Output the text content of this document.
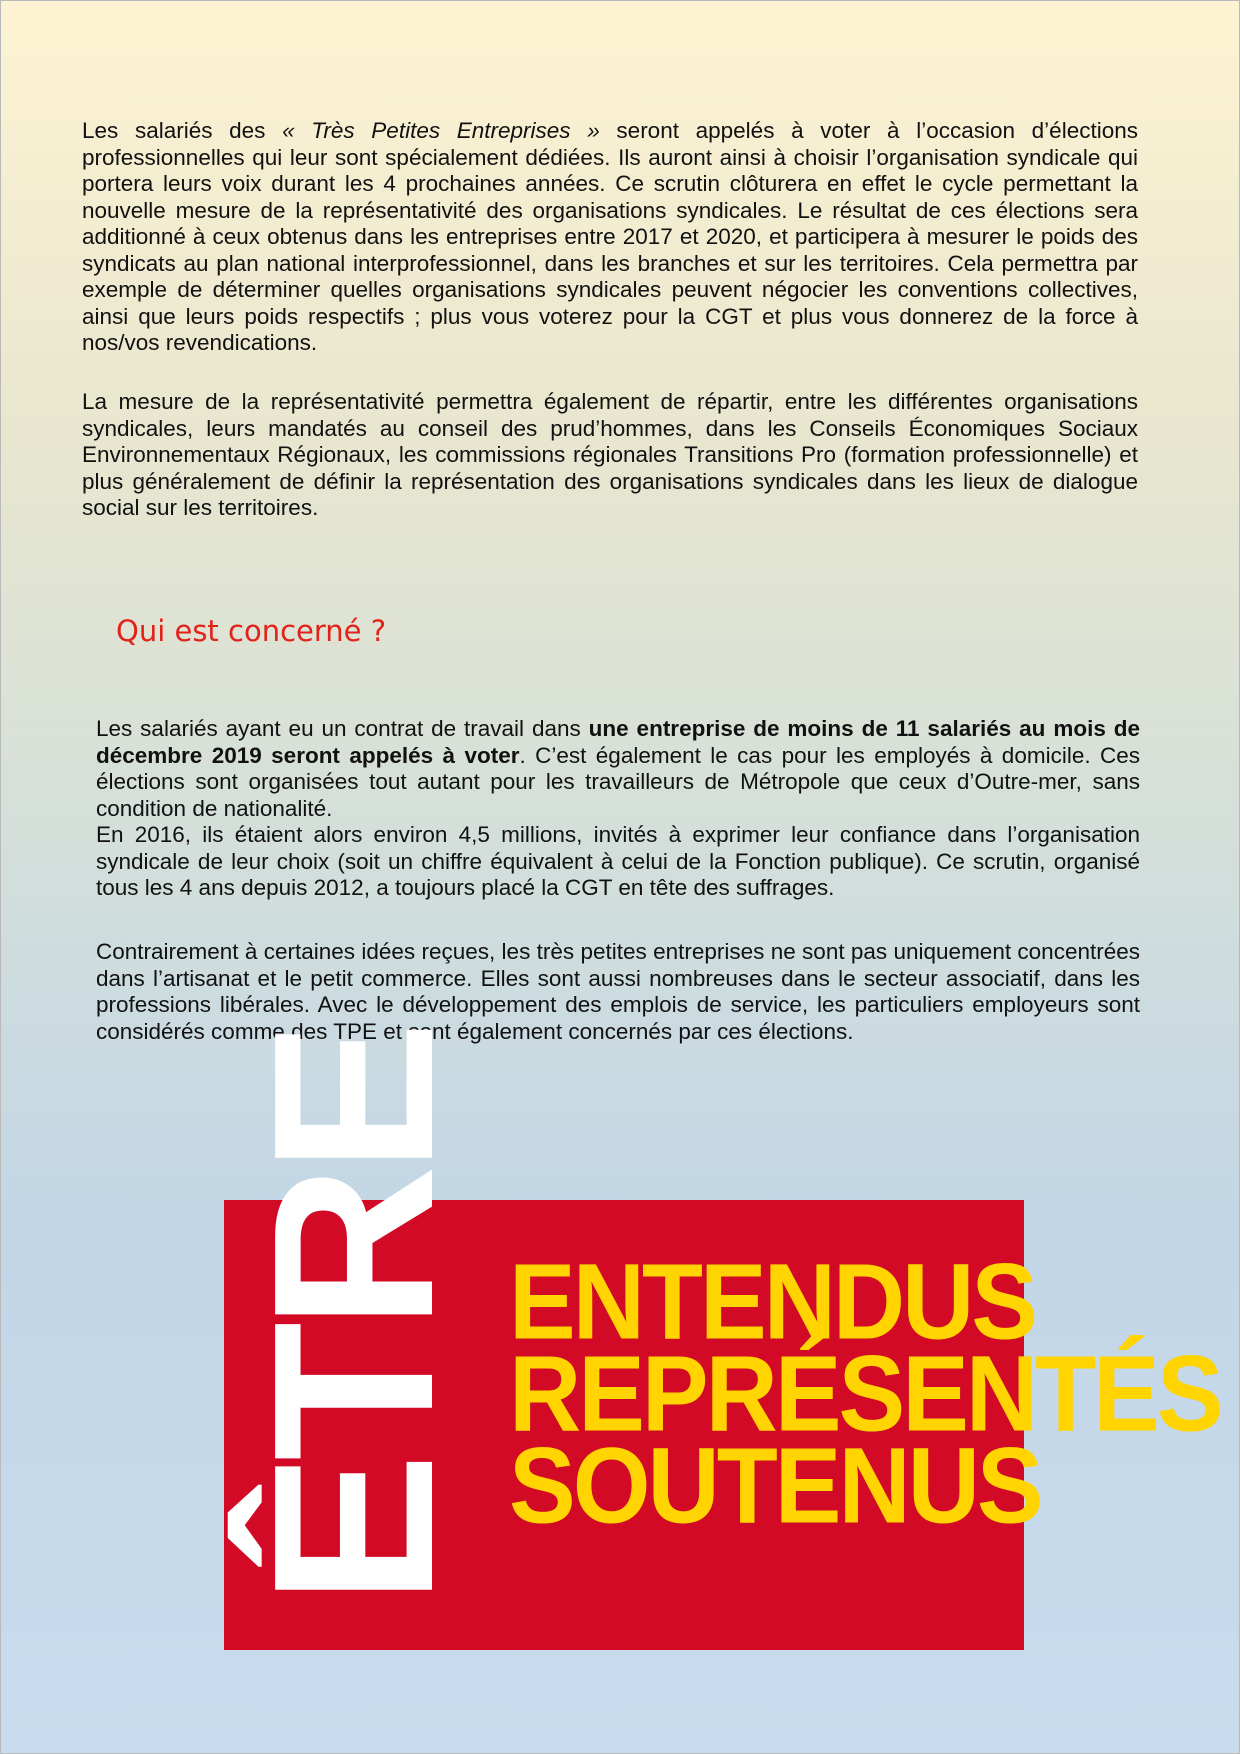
Les salariés des « Très Petites Entreprises » seront appelés à voter à l’occasion d’élections professionnelles qui leur sont spécialement dédiées. Ils auront ainsi à choisir l’organisation syndicale qui portera leurs voix durant les 4 prochaines années. Ce scrutin clôturera en effet le cycle permettant la nouvelle mesure de la représentativité des organisations syndicales. Le résultat de ces élections sera additionné à ceux obtenus dans les entreprises entre 2017 et 2020, et participera à mesurer le poids des syndicats au plan national interprofessionnel, dans les branches et sur les territoires. Cela permettra par exemple de déterminer quelles organisations syndicales peuvent négocier les conventions collectives, ainsi que leurs poids respectifs ; plus vous voterez pour la CGT et plus vous donnerez de la force à nos/vos revendications.

La mesure de la représentativité permettra également de répartir, entre les différentes organisations syndicales, leurs mandatés au conseil des prud’hommes, dans les Conseils Économiques Sociaux Environnementaux Régionaux, les commissions régionales Transitions Pro (formation professionnelle) et plus généralement de définir la représentation des organisations syndicales dans les lieux de dialogue social sur les territoires.

Qui est concerné ?

Les salariés ayant eu un contrat de travail dans une entreprise de moins de 11 salariés au mois de décembre 2019 seront appelés à voter. C’est également le cas pour les employés à domicile. Ces élections sont organisées tout autant pour les travailleurs de Métropole que ceux d’Outre-mer, sans condition de nationalité.
En 2016, ils étaient alors environ 4,5 millions, invités à exprimer leur confiance dans l’organisation syndicale de leur choix (soit un chiffre équivalent à celui de la Fonction publique). Ce scrutin, organisé tous les 4 ans depuis 2012, a toujours placé la CGT en tête des suffrages.

Contrairement à certaines idées reçues, les très petites entreprises ne sont pas uniquement concentrées dans l’artisanat et le petit commerce. Elles sont aussi nombreuses dans le secteur associatif, dans les professions libérales. Avec le développement des emplois de service, les particuliers employeurs sont considérés comme des TPE et sont également concernés par ces élections.

ÊTRE ENTENDUS
REPRÉSENTÉS
SOUTENUS
